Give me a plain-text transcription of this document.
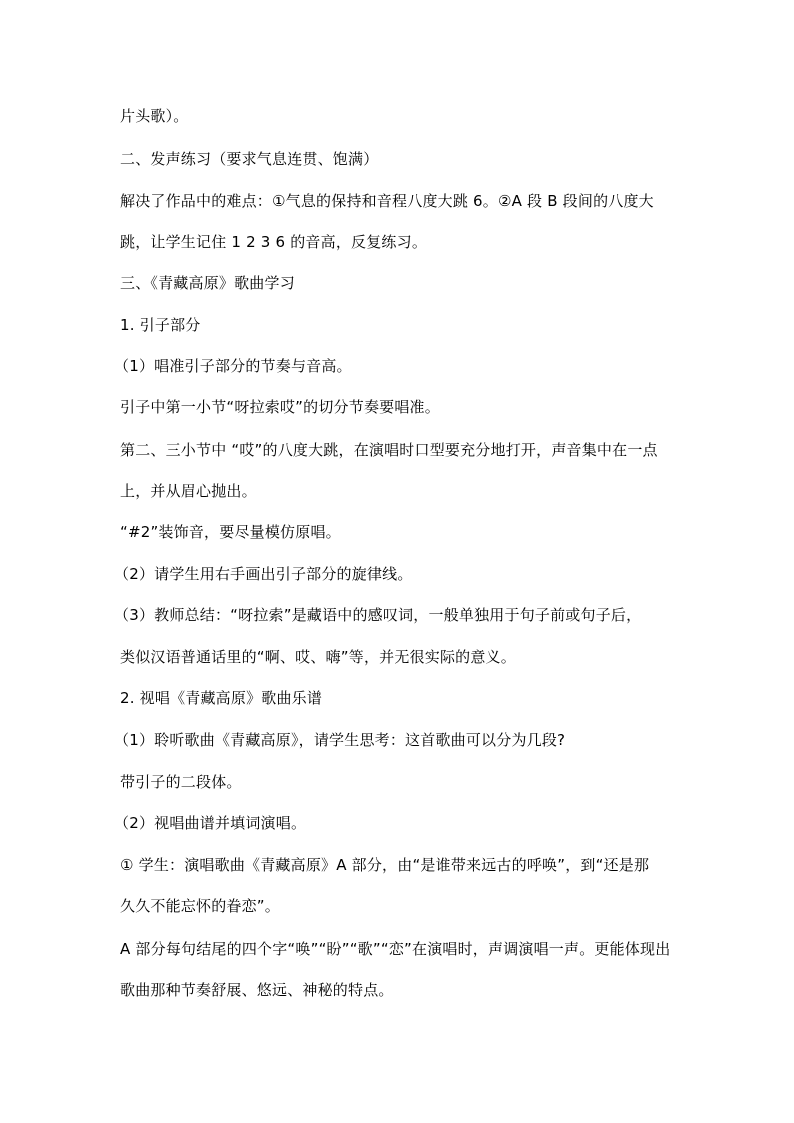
片头歌）。
二、发声练习（要求气息连贯、饱满）
解决了作品中的难点：①气息的保持和音程八度大跳 6。②A 段 B 段间的八度大
跳，让学生记住 1 2 3 6 的音高，反复练习。
三、《青藏高原》歌曲学习
1. 引子部分
（1）唱准引子部分的节奏与音高。
引子中第一小节“呀拉索哎”的切分节奏要唱准。
第二、三小节中 “哎”的八度大跳，在演唱时口型要充分地打开，声音集中在一点
上，并从眉心抛出。
“#2”装饰音，要尽量模仿原唱。
（2）请学生用右手画出引子部分的旋律线。
（3）教师总结：“呀拉索”是藏语中的感叹词，一般单独用于句子前或句子后，
类似汉语普通话里的“啊、哎、嗨”等，并无很实际的意义。
2. 视唱《青藏高原》歌曲乐谱
（1）聆听歌曲《青藏高原》，请学生思考：这首歌曲可以分为几段?
带引子的二段体。
（2）视唱曲谱并填词演唱。
① 学生：演唱歌曲《青藏高原》A 部分，由“是谁带来远古的呼唤”，到“还是那
久久不能忘怀的眷恋”。
A 部分每句结尾的四个字“唤”“盼”“歌”“恋”在演唱时，声调演唱一声。更能体现出
歌曲那种节奏舒展、悠远、神秘的特点。
